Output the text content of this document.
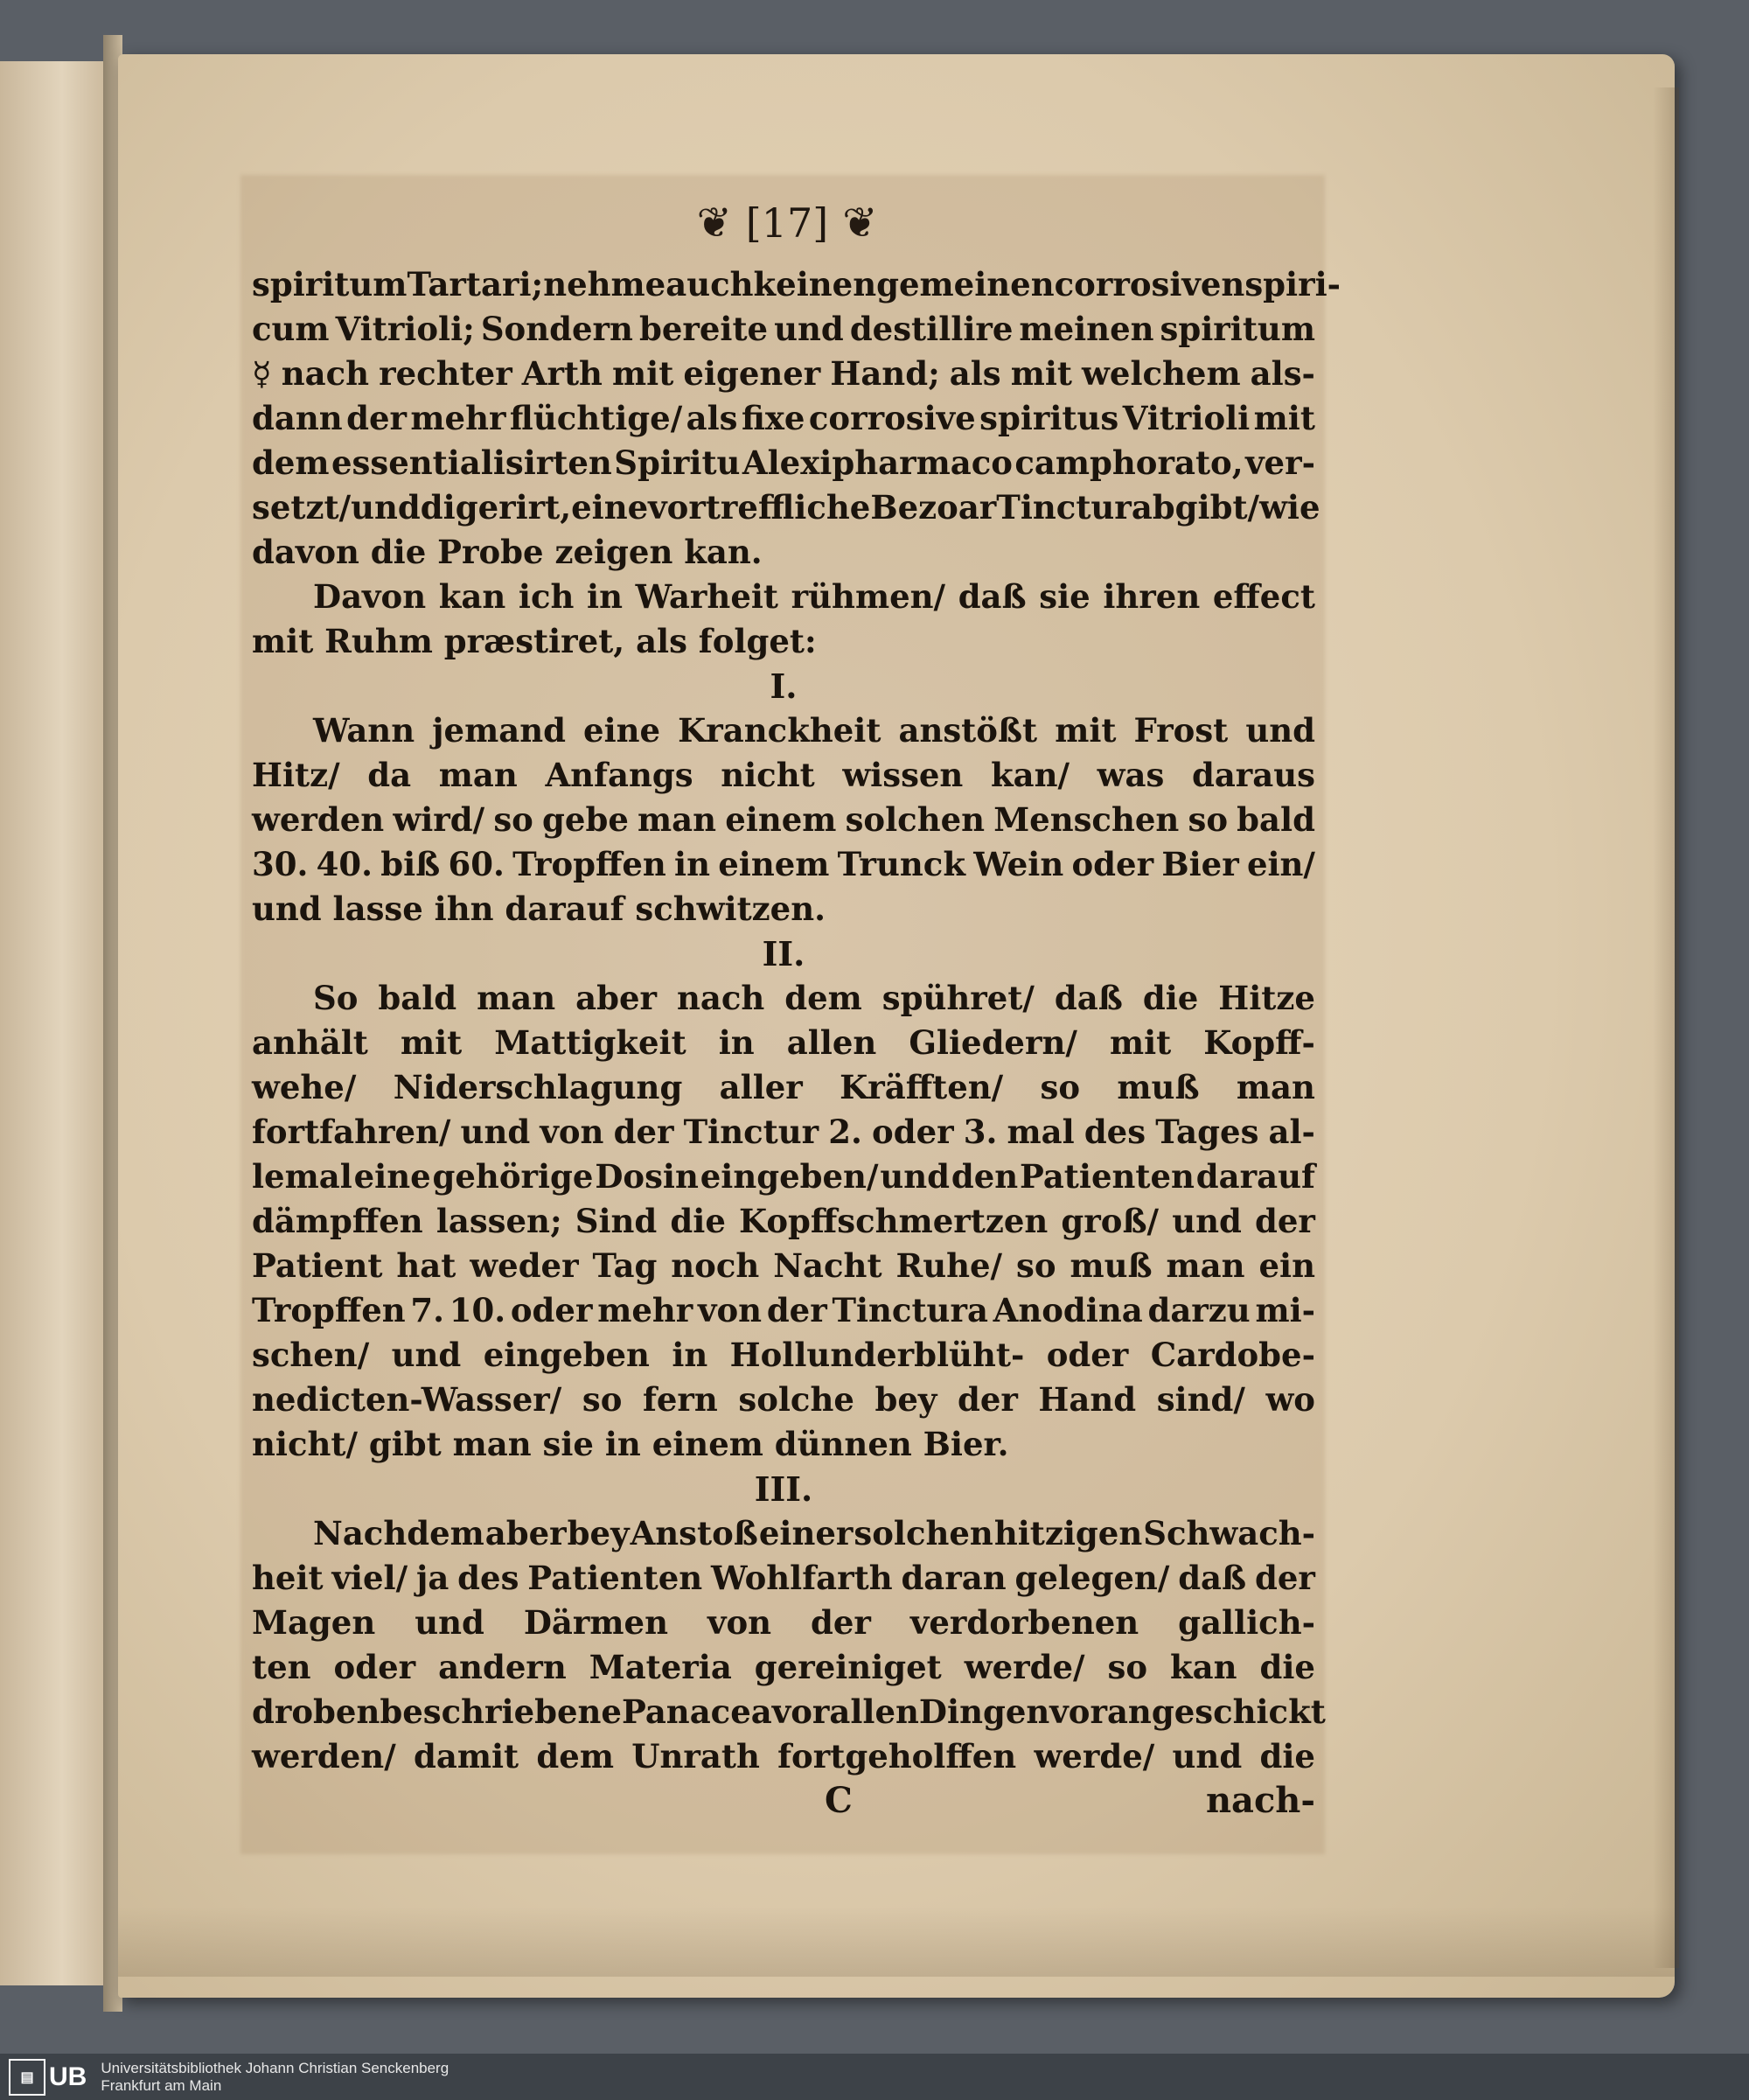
❦ [17] ❦
spiritum Tartari; nehme auch keinen gemeinen corrosiven spiri-
cum Vitrioli; Sondern bereite und destillire meinen spiritum
☿ nach rechter Arth mit eigener Hand; als mit welchem als-
dann der mehr flüchtige/ als fixe corrosive spiritus Vitrioli mit
dem essentialisirten Spiritu Alexipharmaco camphorato, ver-
setzt/ und digerirt, eine vortreffliche Bezoar Tinctur abgibt/ wie
davon die Probe zeigen kan.
Davon kan ich in Warheit rühmen/ daß sie ihren effect
mit Ruhm præstiret, als folget:
I.
Wann jemand eine Kranckheit anstößt mit Frost und
Hitz/ da man Anfangs nicht wissen kan/ was daraus
werden wird/ so gebe man einem solchen Menschen so bald
30. 40. biß 60. Tropffen in einem Trunck Wein oder Bier ein/
und lasse ihn darauf schwitzen.
II.
So bald man aber nach dem spühret/ daß die Hitze
anhält mit Mattigkeit in allen Gliedern/ mit Kopff-
wehe/ Niderschlagung aller Kräfften/ so muß man
fortfahren/ und von der Tinctur 2. oder 3. mal des Tages al-
lemal eine gehörige Dosin eingeben/ und den Patienten darauf
dämpffen lassen; Sind die Kopffschmertzen groß/ und der
Patient hat weder Tag noch Nacht Ruhe/ so muß man ein
Tropffen 7. 10. oder mehr von der Tinctura Anodina darzu mi-
schen/ und eingeben in Hollunderblüht- oder Cardobe-
nedicten-Wasser/ so fern solche bey der Hand sind/ wo
nicht/ gibt man sie in einem dünnen Bier.
III.
Nachdem aber bey Anstoß einer solchen hitzigen Schwach-
heit viel/ ja des Patienten Wohlfarth daran gelegen/ daß der
Magen und Därmen von der verdorbenen gallich-
ten oder andern Materia gereiniget werde/ so kan die
droben beschriebene Panacea vor allen Dingen voran geschickt
werden/ damit dem Unrath fortgeholffen werde/ und die
C	nach-
▤ UB Universitätsbibliothek Johann Christian Senckenberg
Frankfurt am Main
